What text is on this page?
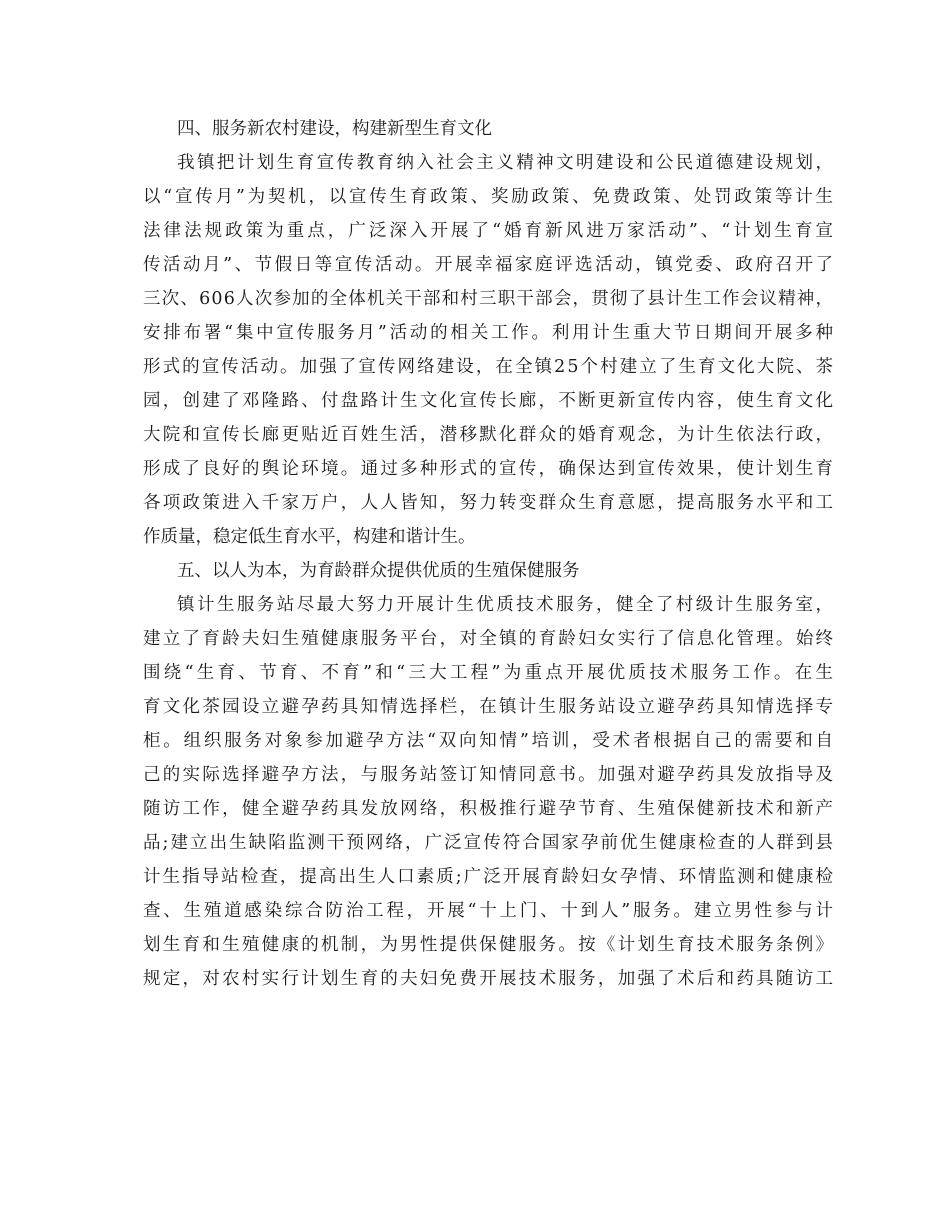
四、服务新农村建设，构建新型生育文化
我镇把计划生育宣传教育纳入社会主义精神文明建设和公民道德建设规划，
以“宣传月”为契机，以宣传生育政策、奖励政策、免费政策、处罚政策等计生
法律法规政策为重点，广泛深入开展了“婚育新风进万家活动”、“计划生育宣
传活动月”、节假日等宣传活动。开展幸福家庭评选活动，镇党委、政府召开了
三次、606人次参加的全体机关干部和村三职干部会，贯彻了县计生工作会议精神，
安排布署“集中宣传服务月”活动的相关工作。利用计生重大节日期间开展多种
形式的宣传活动。加强了宣传网络建设，在全镇25个村建立了生育文化大院、茶
园，创建了邓隆路、付盘路计生文化宣传长廊，不断更新宣传内容，使生育文化
大院和宣传长廊更贴近百姓生活，潜移默化群众的婚育观念，为计生依法行政，
形成了良好的舆论环境。通过多种形式的宣传，确保达到宣传效果，使计划生育
各项政策进入千家万户，人人皆知，努力转变群众生育意愿，提高服务水平和工
作质量，稳定低生育水平，构建和谐计生。
五、以人为本，为育龄群众提供优质的生殖保健服务
镇计生服务站尽最大努力开展计生优质技术服务，健全了村级计生服务室，
建立了育龄夫妇生殖健康服务平台，对全镇的育龄妇女实行了信息化管理。始终
围绕“生育、节育、不育”和“三大工程”为重点开展优质技术服务工作。在生
育文化茶园设立避孕药具知情选择栏，在镇计生服务站设立避孕药具知情选择专
柜。组织服务对象参加避孕方法“双向知情”培训，受术者根据自己的需要和自
己的实际选择避孕方法，与服务站签订知情同意书。加强对避孕药具发放指导及
随访工作，健全避孕药具发放网络，积极推行避孕节育、生殖保健新技术和新产
品;建立出生缺陷监测干预网络，广泛宣传符合国家孕前优生健康检查的人群到县
计生指导站检查，提高出生人口素质;广泛开展育龄妇女孕情、环情监测和健康检
查、生殖道感染综合防治工程，开展“十上门、十到人”服务。建立男性参与计
划生育和生殖健康的机制，为男性提供保健服务。按《计划生育技术服务条例》
规定，对农村实行计划生育的夫妇免费开展技术服务，加强了术后和药具随访工
